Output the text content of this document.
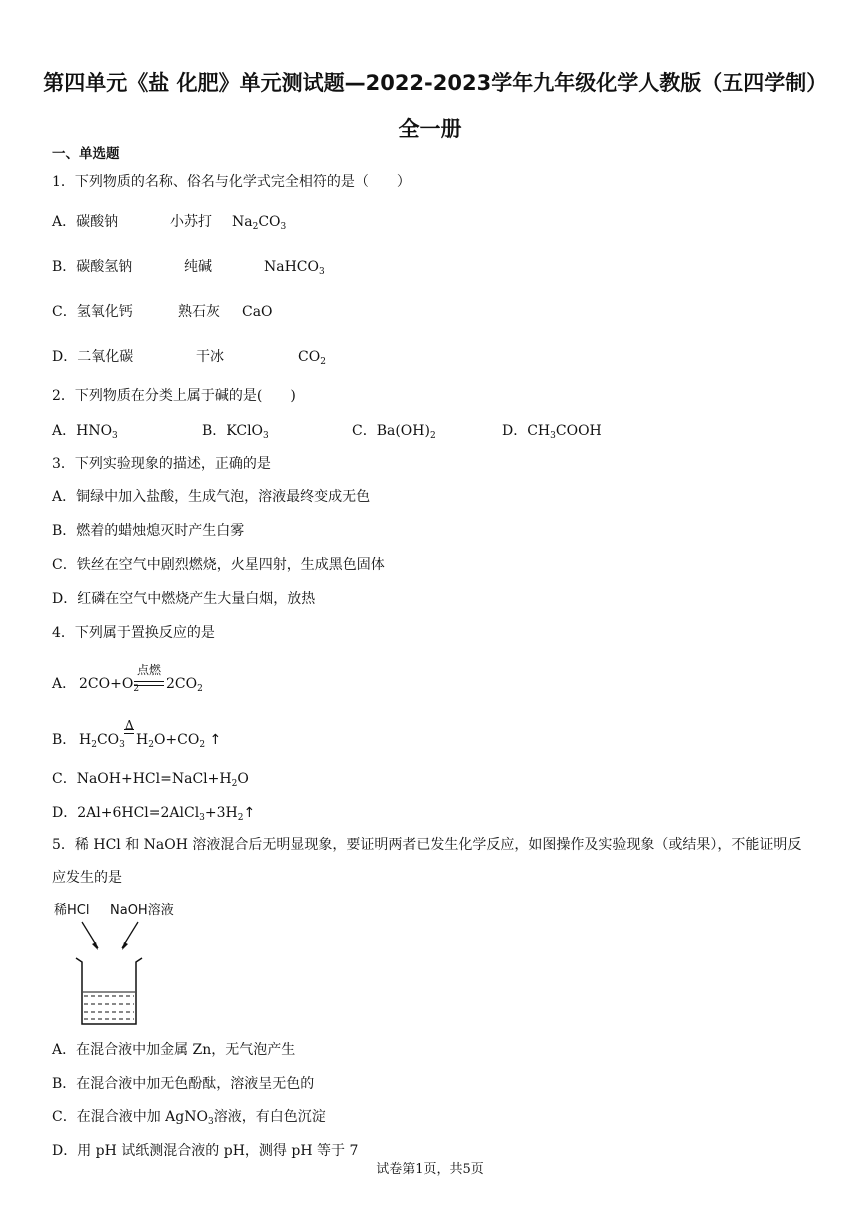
第四单元《盐 化肥》单元测试题—2022-2023学年九年级化学人教版（五四学制）全一册
一、单选题
1．下列物质的名称、俗名与化学式完全相符的是（　　）
A．碳酸钠	小苏打 $Na_2CO_3$
B．碳酸氢钠	纯碱	NaHCO$_3$
C．氢氧化钙	熟石灰 CaO
D．二氧化碳	干冰	$CO_2$
2．下列物质在分类上属于碱的是(　　)
A．$HNO_3$	B．KClO$_3$	C．$Ba(OH)_2$	D．$CH_3COOH$
3．下列实验现象的描述，正确的是
A．铜绿中加入盐酸，生成气泡，溶液最终变成无色
B．燃着的蜡烛熄灭时产生白雾
C．铁丝在空气中剧烈燃烧，火星四射，生成黑色固体
D．红磷在空气中燃烧产生大量白烟，放热
4．下列属于置换反应的是
A． $2CO+O_2$
点燃
$2CO_2$
B． $H_2CO_3$
Δ
$H_2O+CO_2$ ↑
C．$NaOH+HCl=NaCl+H_2O$
D．$2Al+6HCl=2AlCl_3+3H_2↑$
5．稀 HCl 和 NaOH 溶液混合后无明显现象，要证明两者已发生化学反应，如图操作及实验现象（或结果），不能证明反应发生的是
稀HCl NaOH溶液
A．在混合液中加金属 Zn，无气泡产生
B．在混合液中加无色酚酞，溶液呈无色的
C．在混合液中加 AgNO$_3$溶液，有白色沉淀
D．用 pH 试纸测混合液的 pH，测得 pH 等于 7
试卷第1页，共5页
